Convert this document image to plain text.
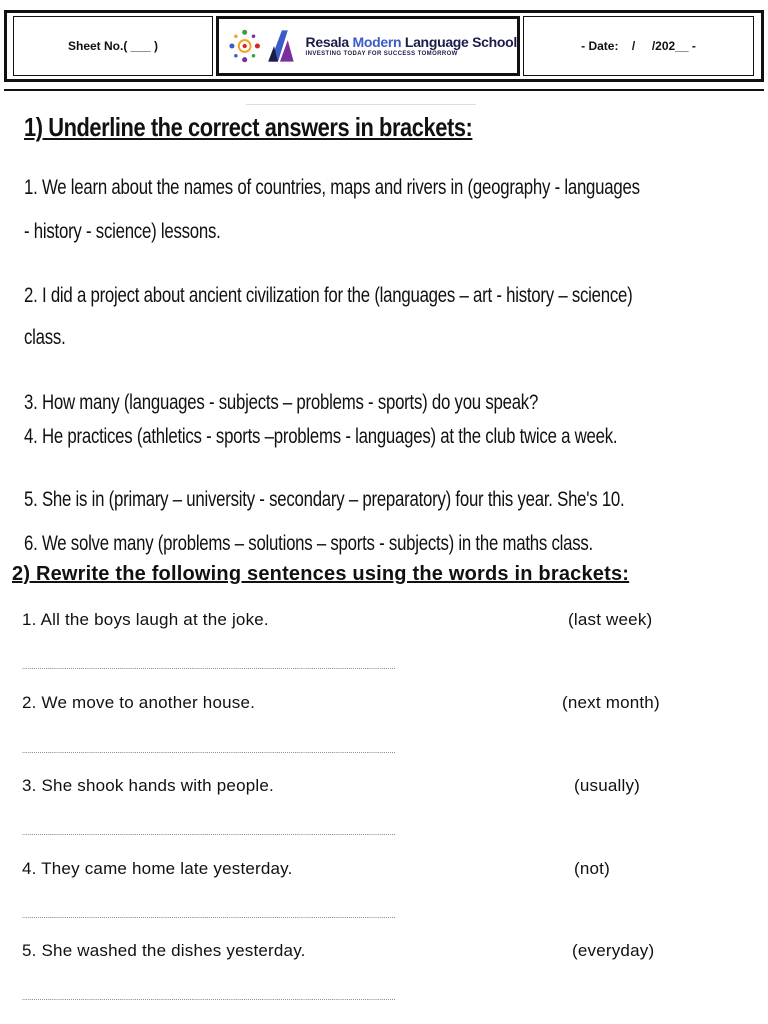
Sheet No.( ___ )	Resala Modern Language School
INVESTING TODAY FOR SUCCESS TOMORROW
- Date:    /     /202__ -
1) Underline the correct answers in brackets:

1. We learn about the names of countries, maps and rivers in (geography - languages

- history - science) lessons.

2. I did a project about ancient civilization for the (languages – art - history – science)

class.

3. How many (languages - subjects – problems - sports) do you speak?

4. He practices (athletics - sports –problems - languages) at the club twice a week.

5. She is in (primary – university - secondary – preparatory) four this year. She's 10.

6. We solve many (problems – solutions – sports - subjects) in the maths class.

2) Rewrite the following sentences using the words in brackets:
1. All the boys laugh at the joke.	(last week)
................................................................................................................................................................................................
2. We move to another house.	(next month)
................................................................................................................................................................................................
3. She shook hands with people.	(usually)
................................................................................................................................................................................................
4. They came home late yesterday.	(not)
................................................................................................................................................................................................
5. She washed the dishes yesterday.	(everyday)
................................................................................................................................................................................................
